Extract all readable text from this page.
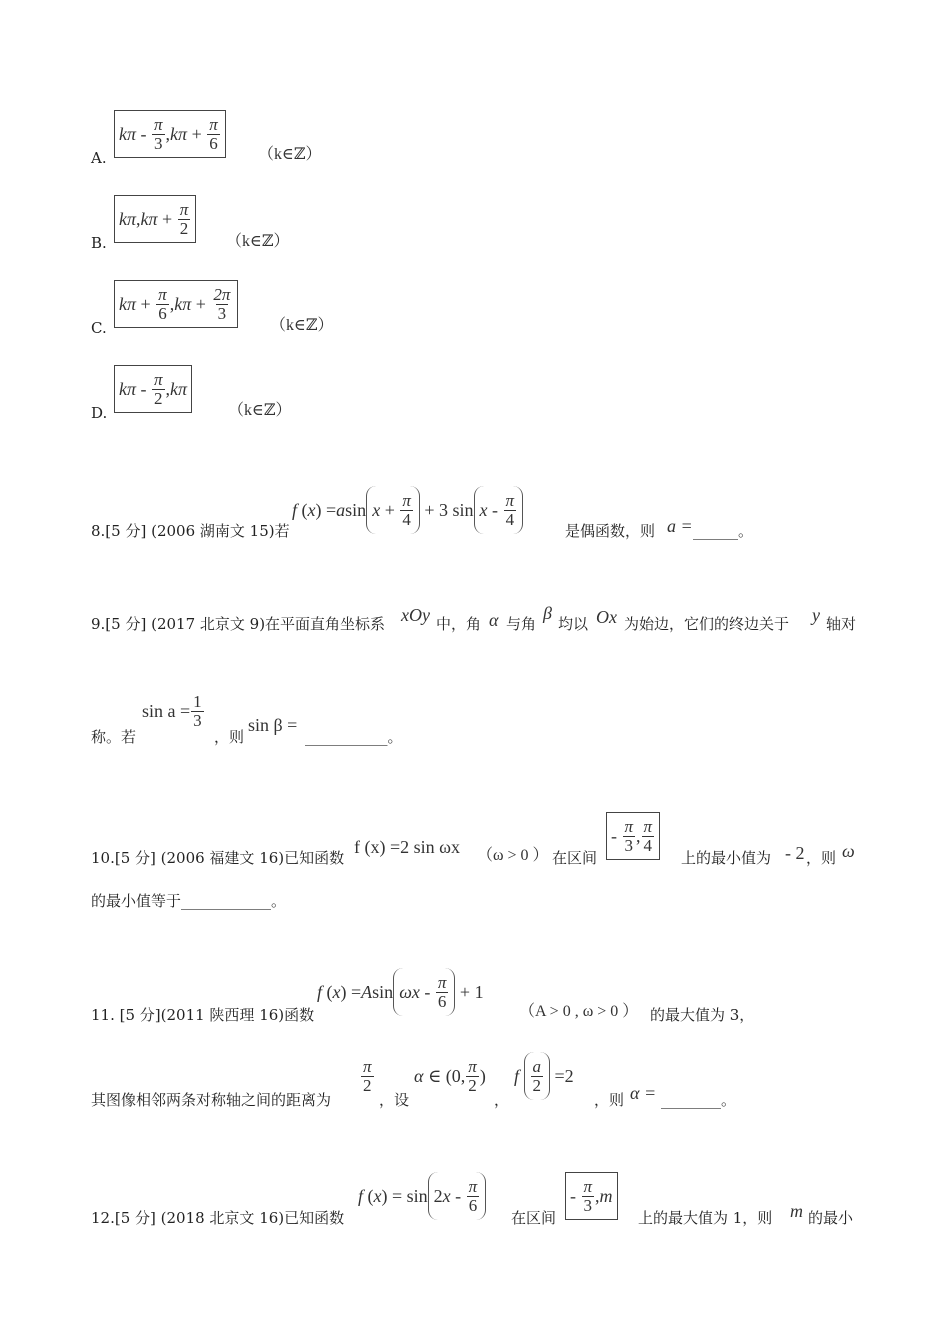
A.
kπ - $\frac{\pi}{3}$ , $k\pi + \frac{\pi}{6}$
（k∈ℤ）
B.
kπ , $k\pi + \frac{\pi}{2}$
（k∈ℤ）
C.
$k\pi + \frac{\pi}{6}$ , $k\pi + \frac{2\pi}{3}$
（k∈ℤ）
D.
kπ - $\frac{\pi}{2}$ , kπ
（k∈ℤ）
8.[5 分] (2006 湖南文 15)若
f ( x ) = a $\sin x + \frac{\pi}{4} + 3$ sin x - $\frac{\pi}{4}$
是偶函数，则 a = ______。
9.[5 分] (2017 北京文 9)在平面直角坐标系 xOy 中，角 α 与角
β
均以 Ox 为始边，它们的终边关于 y 轴对
称。若
$\sin a = \frac{1}{3}$
，则
sin β =
___________。
10.[5 分] (2006 福建文 16)已知函数
f (x) =2 sin ωx （ω > 0 ） 在区间
- $\frac{\pi}{3}$ , $\frac{\pi}{4}$
上的最小值为 - 2 ，则 ω
的最小值等于____________。
11. [5 分](2011 陕西理 16)函数
f ( x ) = A $\sin \omega x - \frac{\pi}{6} + 1$
（A > 0 , ω > 0 ） 的最大值为 3，
其图像相邻两条对称轴之间的距离为
$\frac{\pi}{2}$
，设
α ∈ (0, $\frac{\pi}{2}$ )
，
f
$\frac{a}{2} =2$
，则 α = ________。
12.[5 分] (2018 北京文 16)已知函数
f ( x ) = sin 2 x - $\frac{\pi}{6}$
在区间
- $\frac{\pi}{3}$ , m
上的最大值为 1，则 m 的最小
